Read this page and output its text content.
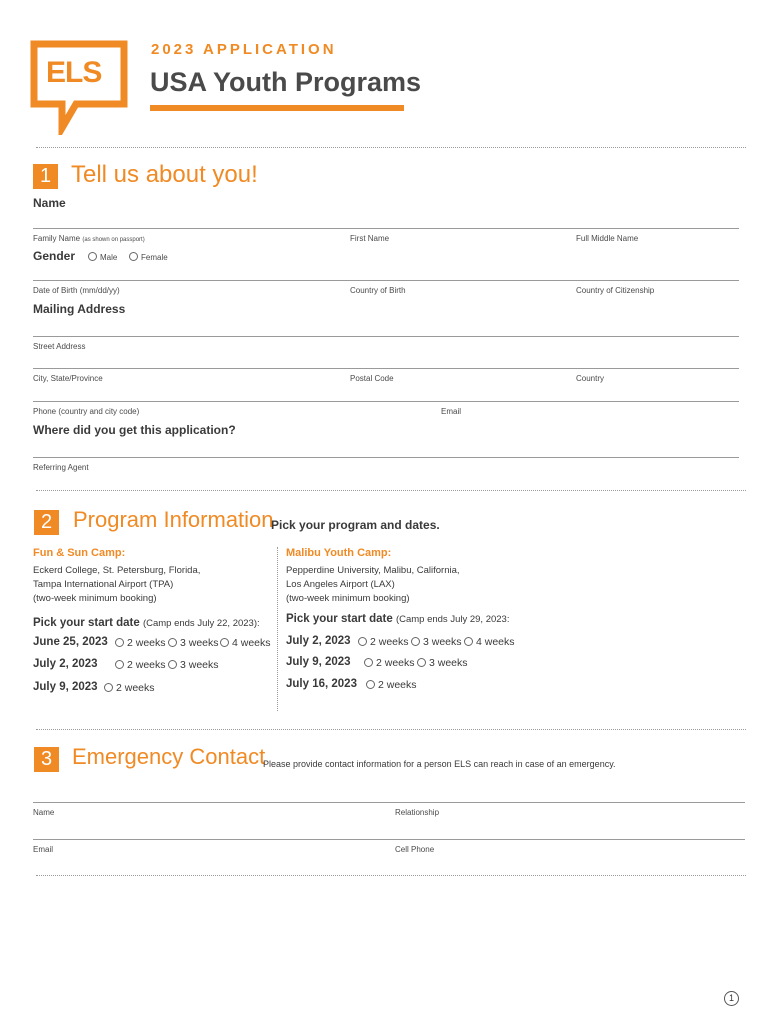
ELS
2023 APPLICATION
USA Youth Programs
1 Tell us about you!
Name
Family Name (as shown on passport)	First Name	Full Middle Name
Gender	Male	Female
Date of Birth (mm/dd/yy)	Country of Birth	Country of Citizenship
Mailing Address
Street Address
City, State/Province	Postal Code	Country
Phone (country and city code)	Email
Where did you get this application?
Referring Agent
2 Program Information
Pick your program and dates.
Fun & Sun Camp:
Eckerd College, St. Petersburg, Florida,
Tampa International Airport (TPA)
(two-week minimum booking)
Pick your start date (Camp ends July 22, 2023):
June 25, 2023	2 weeks	3 weeks	4 weeks
July 2, 2023	2 weeks	3 weeks
July 9, 2023	2 weeks
Malibu Youth Camp:
Pepperdine University, Malibu, California,
Los Angeles Airport (LAX)
(two-week minimum booking)
Pick your start date (Camp ends July 29, 2023:
July 2, 2023	2 weeks	3 weeks	4 weeks
July 9, 2023	2 weeks	3 weeks
July 16, 2023	2 weeks
3 Emergency Contact
Please provide contact information for a person ELS can reach in case of an emergency.
Name	Relationship
Email	Cell Phone
1
